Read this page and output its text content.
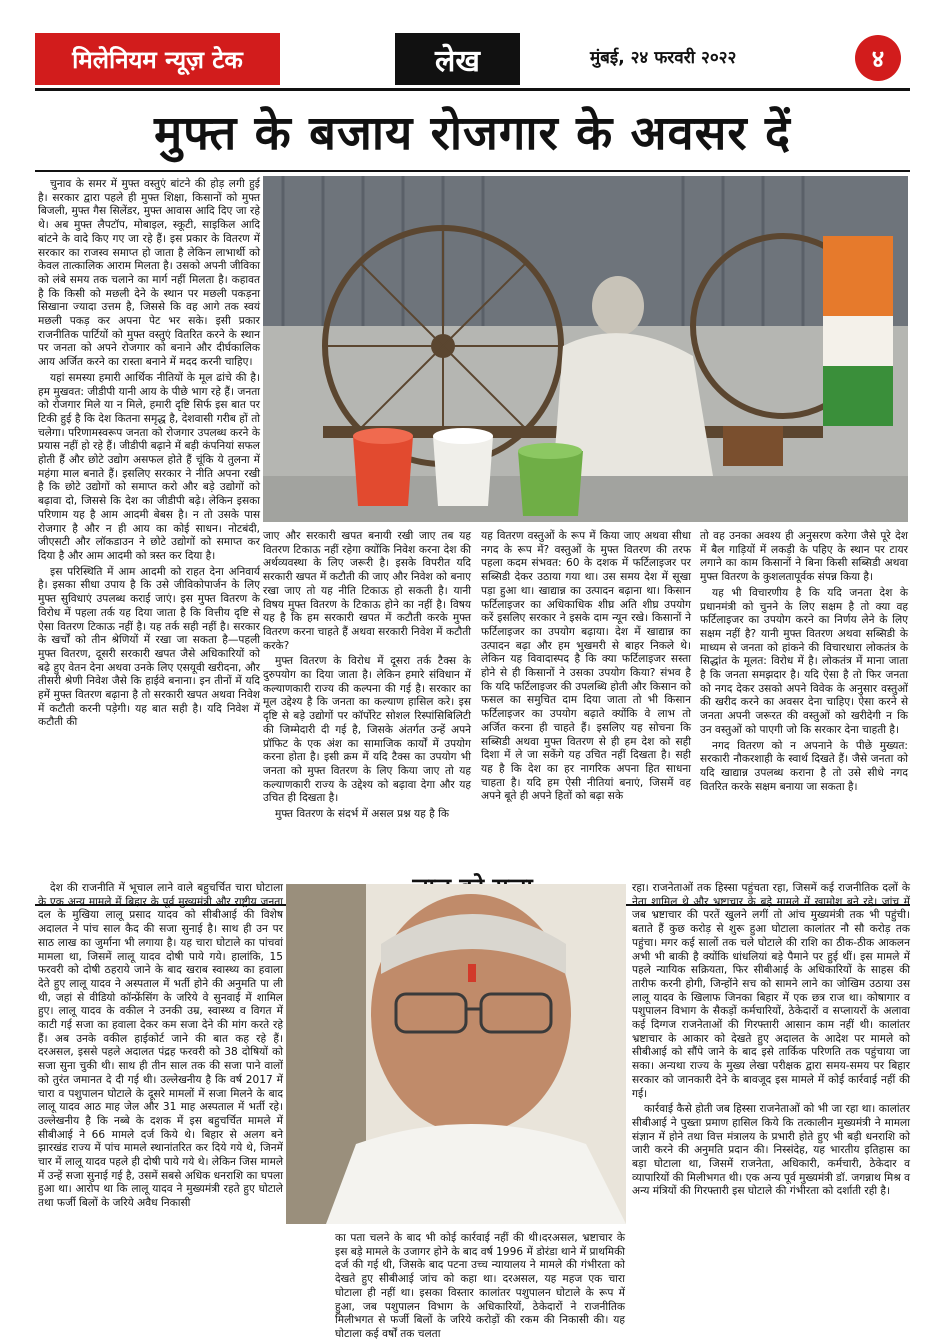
मिलेनियम न्यूज़ टेक	लेख	मुंबई, २४ फरवरी २०२२	४
मुफ्त के बजाय रोजगार के अवसर दें

चुनाव के समर में मुफ्त वस्तुएं बांटने की होड़ लगी हुई है। सरकार द्वारा पहले ही मुफ्त शिक्षा, किसानों को मुफ्त बिजली, मुफ्त गैस सिलेंडर, मुफ्त आवास आदि दिए जा रहे थे। अब मुफ्त लैपटॉप, मोबाइल, स्कूटी, साइकिल आदि बांटने के वादे किए गए जा रहे हैं। इस प्रकार के वितरण में सरकार का राजस्व समाप्त हो जाता है लेकिन लाभार्थी को केवल तात्कालिक आराम मिलता है। उसको अपनी जीविका को लंबे समय तक चलाने का मार्ग नहीं मिलता है। कहावत है कि किसी को मछली देने के स्थान पर मछली पकड़ना सिखाना ज्यादा उत्तम है, जिससे कि वह आगे तक स्वयं मछली पकड़ कर अपना पेट भर सके। इसी प्रकार राजनीतिक पार्टियों को मुफ्त वस्तुएं वितरित करने के स्थान पर जनता को अपने रोजगार को बनाने और दीर्घकालिक आय अर्जित करने का रास्ता बनाने में मदद करनी चाहिए।

यहां समस्या हमारी आर्थिक नीतियों के मूल ढांचे की है। हम मुखवत: जीडीपी यानी आय के पीछे भाग रहे हैं। जनता को रोजगार मिले या न मिले, हमारी दृष्टि सिर्फ इस बात पर टिकी हुई है कि देश कितना समृद्ध है, देशवासी गरीब हों तो चलेगा। परिणामस्वरूप जनता को रोजगार उपलब्ध करने के प्रयास नहीं हो रहे हैं। जीडीपी बढ़ाने में बड़ी कंपनियां सफल होती हैं और छोटे उद्योग असफल होते हैं चूंकि ये तुलना में महंगा माल बनाते हैं। इसलिए सरकार ने नीति अपना रखी है कि छोटे उद्योगों को समाप्त करो और बड़े उद्योगों को बढ़ावा दो, जिससे कि देश का जीडीपी बढ़े। लेकिन इसका परिणाम यह है आम आदमी बेबस है। न तो उसके पास रोजगार है और न ही आय का कोई साधन। नोटबंदी, जीएसटी और लॉकडाउन ने छोटे उद्योगों को समाप्त कर दिया है और आम आदमी को त्रस्त कर दिया है।

इस परिस्थिति में आम आदमी को राहत देना अनिवार्य है। इसका सीधा उपाय है कि उसे जीविकोपार्जन के लिए मुफ्त सुविधाएं उपलब्ध कराई जाएं। इस मुफ्त वितरण के विरोध में पहला तर्क यह दिया जाता है कि वित्तीय दृष्टि से ऐसा वितरण टिकाऊ नहीं है। यह तर्क सही नहीं है। सरकार के खर्चों को तीन श्रेणियों में रखा जा सकता है—पहली मुफ्त वितरण, दूसरी सरकारी खपत जैसे अधिकारियों को बढ़े हुए वेतन देना अथवा उनके लिए एसयूवी खरीदना, और तीसरी श्रेणी निवेश जैसे कि हाईवे बनाना। इन तीनों में यदि हमें मुफ्त वितरण बढ़ाना है तो सरकारी खपत अथवा निवेश में कटौती करनी पड़ेगी। यह बात सही है। यदि निवेश में कटौती की

जाए और सरकारी खपत बनायी रखी जाए तब यह वितरण टिकाऊ नहीं रहेगा क्योंकि निवेश करना देश की अर्थव्यवस्था के लिए जरूरी है। इसके विपरीत यदि सरकारी खपत में कटौती की जाए और निवेश को बनाए रखा जाए तो यह नीति टिकाऊ हो सकती है। यानी विषय मुफ्त वितरण के टिकाऊ होने का नहीं है। विषय यह है कि हम सरकारी खपत में कटौती करके मुफ्त वितरण करना चाहते हैं अथवा सरकारी निवेश में कटौती करके?

मुफ्त वितरण के विरोध में दूसरा तर्क टैक्स के दुरुपयोग का दिया जाता है। लेकिन हमारे संविधान में कल्याणकारी राज्य की कल्पना की गई है। सरकार का मूल उद्देश्य है कि जनता का कल्याण हासिल करे। इस दृष्टि से बड़े उद्योगों पर कॉर्पोरेट सोशल रिस्पांसिबिलिटी की जिम्मेदारी दी गई है, जिसके अंतर्गत उन्हें अपने प्रॉफिट के एक अंश का सामाजिक कार्यों में उपयोग करना होता है। इसी क्रम में यदि टैक्स का उपयोग भी जनता को मुफ्त वितरण के लिए किया जाए तो यह कल्याणकारी राज्य के उद्देश्य को बढ़ावा देगा और यह उचित ही दिखता है।

मुफ्त वितरण के संदर्भ में असल प्रश्न यह है कि

यह वितरण वस्तुओं के रूप में किया जाए अथवा सीधा नगद के रूप में? वस्तुओं के मुफ्त वितरण की तरफ पहला कदम संभवत: 60 के दशक में फर्टिलाइजर पर सब्सिडी देकर उठाया गया था। उस समय देश में सूखा पड़ा हुआ था। खाद्यान्न का उत्पादन बढ़ाना था। किसान फर्टिलाइजर का अधिकाधिक शीघ्र अति शीघ्र उपयोग करें इसलिए सरकार ने इसके दाम न्यून रखे। किसानों ने फर्टिलाइजर का उपयोग बढ़ाया। देश में खाद्यान्न का उत्पादन बढ़ा और हम भुखमरी से बाहर निकले थे। लेकिन यह विवादास्पद है कि क्या फर्टिलाइजर सस्ता होने से ही किसानों ने उसका उपयोग किया? संभव है कि यदि फर्टिलाइजर की उपलब्धि होती और किसान को फसल का समुचित दाम दिया जाता तो भी किसान फर्टिलाइजर का उपयोग बढ़ाते क्योंकि वे लाभ तो अर्जित करना ही चाहते हैं। इसलिए यह सोचना कि सब्सिडी अथवा मुफ्त वितरण से ही हम देश को सही दिशा में ले जा सकेंगे यह उचित नहीं दिखता है। सही यह है कि देश का हर नागरिक अपना हित साधना चाहता है। यदि हम ऐसी नीतियां बनाएं, जिसमें वह अपने बूते ही अपने हितों को बढ़ा सके

तो वह उनका अवश्य ही अनुसरण करेगा जैसे पूरे देश में बैल गाड़ियों में लकड़ी के पहिए के स्थान पर टायर लगाने का काम किसानों ने बिना किसी सब्सिडी अथवा मुफ्त वितरण के कुशलतापूर्वक संपन्न किया है।

यह भी विचारणीय है कि यदि जनता देश के प्रधानमंत्री को चुनने के लिए सक्षम है तो क्या वह फर्टिलाइजर का उपयोग करने का निर्णय लेने के लिए सक्षम नहीं है? यानी मुफ्त वितरण अथवा सब्सिडी के माध्यम से जनता को हांकने की विचारधारा लोकतंत्र के सिद्धांत के मूलत: विरोध में है। लोकतंत्र में माना जाता है कि जनता समझदार है। यदि ऐसा है तो फिर जनता को नगद देकर उसको अपने विवेक के अनुसार वस्तुओं की खरीद करने का अवसर देना चाहिए। ऐसा करने से जनता अपनी जरूरत की वस्तुओं को खरीदेगी न कि उन वस्तुओं को पाएगी जो कि सरकार देना चाहती है।

नगद वितरण को न अपनाने के पीछे मुख्यत: सरकारी नौकरशाही के स्वार्थ दिखते हैं। जैसे जनता को यदि खाद्यान्न उपलब्ध कराना है तो उसे सीधे नगद वितरित करके सक्षम बनाया जा सकता है।

देश की राजनीति में भूचाल लाने वाले बहुचर्चित चारा घोटाला के एक अन्य मामले में बिहार के पूर्व मुख्यमंत्री और राष्ट्रीय जनता दल के मुखिया लालू प्रसाद यादव को सीबीआई की विशेष अदालत ने पांच साल कैद की सजा सुनाई है। साथ ही उन पर साठ लाख का जुर्माना भी लगाया है। यह चारा घोटाले का पांचवां मामला था, जिसमें लालू यादव दोषी पाये गये। हालांकि, 15 फरवरी को दोषी ठहराये जाने के बाद खराब स्वास्थ्य का हवाला देते हुए लालू यादव ने अस्पताल में भर्ती होने की अनुमति पा ली थी, जहां से वीडियो कॉन्फ्रेंसिंग के जरिये वे सुनवाई में शामिल हुए। लालू यादव के वकील ने उनकी उम्र, स्वास्थ्य व विगत में काटी गई सजा का हवाला देकर कम सजा देने की मांग करते रहे हैं। अब उनके वकील हाईकोर्ट जाने की बात कह रहे हैं। दरअसल, इससे पहले अदालत पंद्रह फरवरी को 38 दोषियों को सजा सुना चुकी थी। साथ ही तीन साल तक की सजा पाने वालों को तुरंत जमानत दे दी गई थी। उल्लेखनीय है कि वर्ष 2017 में चारा व पशुपालन घोटाले के दूसरे मामलों में सजा मिलने के बाद लालू यादव आठ माह जेल और 31 माह अस्पताल में भर्ती रहे। उल्लेखनीय है कि नब्बे के दशक में इस बहुचर्चित मामले में सीबीआई ने 66 मामले दर्ज किये थे। बिहार से अलग बने झारखंड राज्य में पांच मामले स्थानांतरित कर दिये गये थे, जिनमें चार में लालू यादव पहले ही दोषी पाये गये थे। लेकिन जिस मामले में उन्हें सजा सुनाई गई है, उसमें सबसे अधिक धनराशि का घपला हुआ था। आरोप था कि लालू यादव ने मुख्यमंत्री रहते हुए घोटाले तथा फर्जी बिलों के जरिये अवैध निकासी

का पता चलने के बाद भी कोई कार्रवाई नहीं की थी।दरअसल, भ्रष्टाचार के इस बड़े मामले के उजागर होने के बाद वर्ष 1996 में डोरंडा थाने में प्राथमिकी दर्ज की गई थी, जिसके बाद पटना उच्च न्यायालय ने मामले की गंभीरता को देखते हुए सीबीआई जांच को कहा था। दरअसल, यह महज एक चारा घोटाला ही नहीं था। इसका विस्तार कालांतर पशुपालन घोटाले के रूप में हुआ, जब पशुपालन विभाग के अधिकारियों, ठेकेदारों ने राजनीतिक मिलीभगत से फर्जी बिलों के जरिये करोड़ों की रकम की निकासी की। यह घोटाला कई वर्षों तक चलता

रहा। राजनेताओं तक हिस्सा पहुंचता रहा, जिसमें कई राजनीतिक दलों के नेता शामिल थे और भ्रष्टाचार के बड़े मामले में खामोश बने रहे। जांच में जब भ्रष्टाचार की परतें खुलने लगीं तो आंच मुख्यमंत्री तक भी पहुंची। बताते हैं कुछ करोड़ से शुरू हुआ घोटाला कालांतर नौ सौ करोड़ तक पहुंचा। मगर कई सालों तक चले घोटाले की राशि का ठीक-ठीक आकलन अभी भी बाकी है क्योंकि धांधलियां बड़े पैमाने पर हुई थीं। इस मामले में पहले न्यायिक सक्रियता, फिर सीबीआई के अधिकारियों के साहस की तारीफ करनी होगी, जिन्होंने सच को सामने लाने का जोखिम उठाया उस लालू यादव के खिलाफ जिनका बिहार में एक छत्र राज था। कोषागार व पशुपालन विभाग के सैकड़ों कर्मचारियों, ठेकेदारों व सप्लायरों के अलावा कई दिग्गज राजनेताओं की गिरफ्तारी आसान काम नहीं थी। कालांतर भ्रष्टाचार के आकार को देखते हुए अदालत के आदेश पर मामले को सीबीआई को सौंपे जाने के बाद इसे तार्किक परिणति तक पहुंचाया जा सका। अन्यथा राज्य के मुख्य लेखा परीक्षक द्वारा समय-समय पर बिहार सरकार को जानकारी देने के बावजूद इस मामले में कोई कार्रवाई नहीं की गई।

कार्रवाई कैसे होती जब हिस्सा राजनेताओं को भी जा रहा था। कालांतर सीबीआई ने पुख्ता प्रमाण हासिल किये कि तत्कालीन मुख्यमंत्री ने मामला संज्ञान में होने तथा वित्त मंत्रालय के प्रभारी होते हुए भी बड़ी धनराशि को जारी करने की अनुमति प्रदान की। निस्संदेह, यह भारतीय इतिहास का बड़ा घोटाला था, जिसमें राजनेता, अधिकारी, कर्मचारी, ठेकेदार व व्यापारियों की मिलीभगत थी। एक अन्य पूर्व मुख्यमंत्री डॉ. जगन्नाथ मिश्र व अन्य मंत्रियों की गिरफ्तारी इस घोटाले की गंभीरता को दर्शाती रही है।
